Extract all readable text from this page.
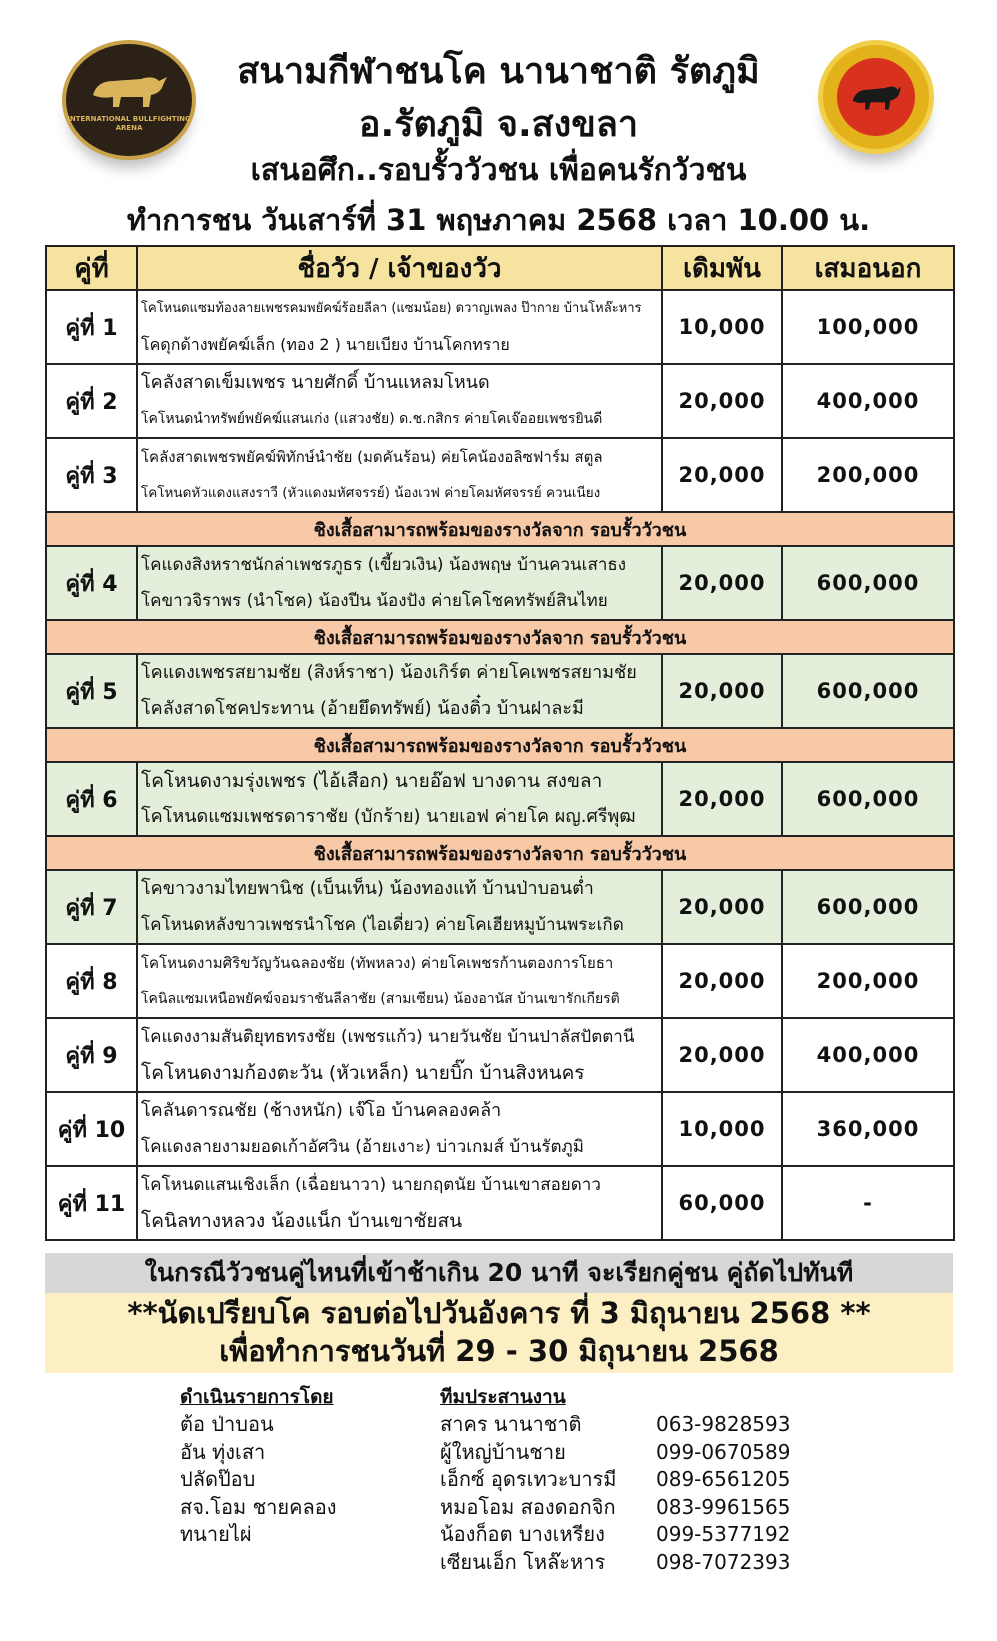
INTERNATIONAL BULLFIGHTING ARENA
สนามกีฬาชนโค นานาชาติ รัตภูมิ
อ.รัตภูมิ จ.สงขลา
เสนอศึก..รอบรั้ววัวชน เพื่อคนรักวัวชน
ทำการชน วันเสาร์ที่ 31 พฤษภาคม 2568 เวลา 10.00 น.
คู่ที่	ชื่อวัว / เจ้าของวัว	เดิมพัน	เสมอนอก
คู่ที่ 1	โคโหนดแซมท้องลายเพชรคมพยัคฆ์ร้อยลีลา (แซมน้อย) ดวาญเพลง ป๊ากาย บ้านโหล๊ะหาร
โคดุกด้างพยัคฆ์เล็ก (ทอง 2 ) นายเบียง บ้านโคกทราย	10,000	100,000
คู่ที่ 2	โคลังสาดเข็มเพชร นายศักดิ์ บ้านแหลมโหนด
โคโหนดนำทรัพย์พยัคฆ์แสนเก่ง (แสวงชัย) ด.ช.กสิกร ค่ายโคเจ๊ออยเพชรยินดี	20,000	400,000
คู่ที่ 3	โคลังสาดเพชรพยัคฆ์พิทักษ์นำชัย (มดคันร้อน) ค่ยโคน้องอลิซฟาร์ม สตูล
โคโหนดหัวแดงแสงราวี (หัวแดงมหัศจรรย์) น้องเวฟ ค่ายโคมหัศจรรย์ ควนเนียง	20,000	200,000
ชิงเสื้อสามารถพร้อมของรางวัลจาก รอบรั้ววัวชน			
คู่ที่ 4	โคแดงสิงหราชนักล่าเพชรภูธร (เขี้ยวเงิน) น้องพฤษ บ้านควนเสาธง
โคขาวจิราพร (นำโชค) น้องปีน น้องปัง ค่ายโคโชคทรัพย์สินไทย	20,000	600,000
ชิงเสื้อสามารถพร้อมของรางวัลจาก รอบรั้ววัวชน			
คู่ที่ 5	โคแดงเพชรสยามชัย (สิงห์ราชา) น้องเกิร์ต ค่ายโคเพชรสยามชัย
โคลังสาดโชคประทาน (อ้ายยึดทรัพย์) น้องติ๋ว บ้านฝาละมี	20,000	600,000
ชิงเสื้อสามารถพร้อมของรางวัลจาก รอบรั้ววัวชน			
คู่ที่ 6	โคโหนดงามรุ่งเพชร (ไอ้เสือก) นายอ๊อฟ บางดาน สงขลา
โคโหนดแซมเพชรดาราชัย (บักร้าย) นายเอฟ ค่ายโค ผญ.ศรีพุฒ	20,000	600,000
ชิงเสื้อสามารถพร้อมของรางวัลจาก รอบรั้ววัวชน			
คู่ที่ 7	โคขาวงามไทยพานิช (เบ็นเท็น) น้องทองแท้ บ้านป่าบอนต่ำ
โคโหนดหลังขาวเพชรนำโชค (ไอเดี่ยว) ค่ายโคเฮียหมูบ้านพระเกิด	20,000	600,000
คู่ที่ 8	โคโหนดงามศิริขวัญวันฉลองชัย (ทัพหลวง) ค่ายโคเพชรก้านตองการโยธา
โคนิลแซมเหนือพยัคฆ์จอมราชันลีลาชัย (สามเซียน) น้องอานัส บ้านเขารักเกียรติ	20,000	200,000
คู่ที่ 9	โคแดงงามสันติยุทธทรงชัย (เพชรแก้ว) นายวันชัย บ้านปาลัสปัตตานี
โคโหนดงามก้องตะวัน (หัวเหล็ก) นายบิ๊ก บ้านสิงหนคร	20,000	400,000
คู่ที่ 10	โคลันดารณชัย (ช้างหนัก) เจ๊โอ บ้านคลองคล้า
โคแดงลายงามยอดเก้าอัศวิน (อ้ายเงาะ) บ่าวเกมส์ บ้านรัตภูมิ	10,000	360,000
คู่ที่ 11	โคโหนดแสนเชิงเล็ก (เฉื่อยนาวา) นายกฤตนัย บ้านเขาสอยดาว
โคนิลทางหลวง น้องแน็ก บ้านเขาชัยสน	60,000	-
ในกรณีวัวชนคู่ไหนที่เข้าช้าเกิน 20 นาที จะเรียกคู่ชน คู่ถัดไปทันที
**นัดเปรียบโค รอบต่อไปวันอังคาร ที่ 3 มิถุนายน 2568 **
เพื่อทำการชนวันที่ 29 - 30 มิถุนายน 2568
ดำเนินรายการโดย
ต้อ ป่าบอน
อัน ทุ่งเสา
ปลัดป๊อบ
สจ.โอม ชายคลอง
ทนายไผ่
ทีมประสานงาน
สาคร นานาชาติ	063-9828593
ผู้ใหญ่บ้านชาย	099-0670589
เอ็กซ์ อุดรเทวะบารมี	089-6561205
หมอโอม สองดอกจิก	083-9961565
น้องก็อต บางเหรียง	099-5377192
เซียนเอ็ก โหล๊ะหาร	098-7072393
